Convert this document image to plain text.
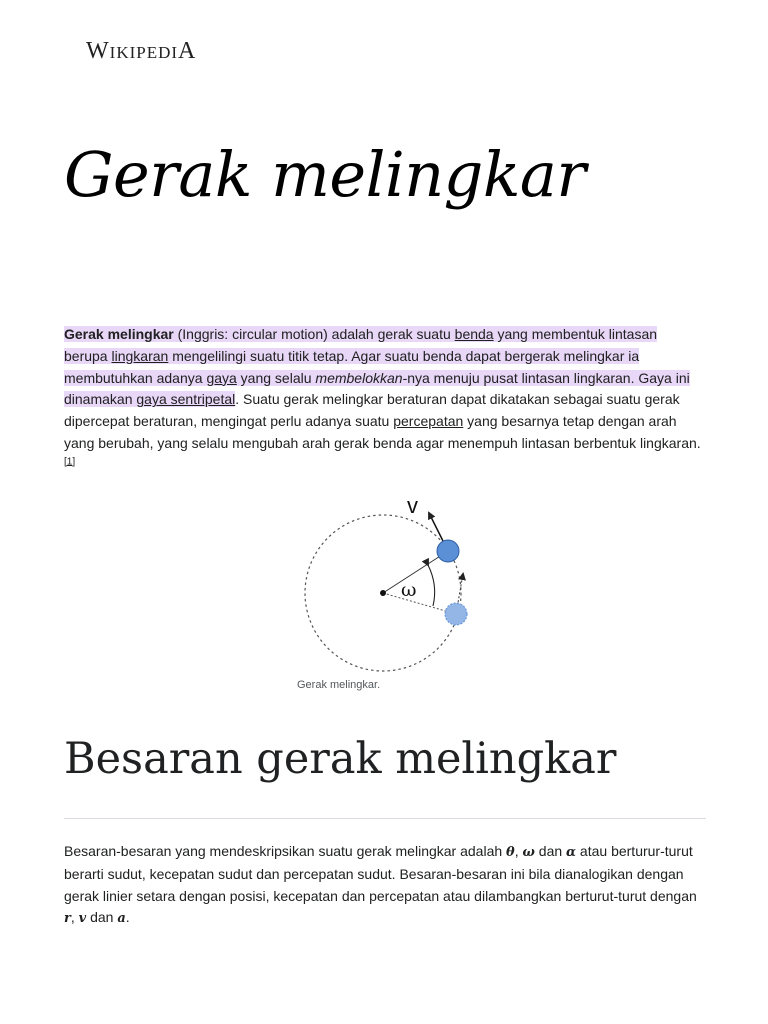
WIKIPEDIA
Gerak melingkar

Gerak melingkar (Inggris: circular motion) adalah gerak suatu benda yang membentuk lintasan berupa lingkaran mengelilingi suatu titik tetap. Agar suatu benda dapat bergerak melingkar ia membutuhkan adanya gaya yang selalu membelokkan-nya menuju pusat lintasan lingkaran. Gaya ini dinamakan gaya sentripetal. Suatu gerak melingkar beraturan dapat dikatakan sebagai suatu gerak dipercepat beraturan, mengingat perlu adanya suatu percepatan yang besarnya tetap dengan arah yang berubah, yang selalu mengubah arah gerak benda agar menempuh lintasan berbentuk lingkaran.[1]

v
ω
Gerak melingkar.
Besaran gerak melingkar

Besaran-besaran yang mendeskripsikan suatu gerak melingkar adalah θ, ω dan α atau berturur-turut berarti sudut, kecepatan sudut dan percepatan sudut. Besaran-besaran ini bila dianalogikan dengan gerak linier setara dengan posisi, kecepatan dan percepatan atau dilambangkan berturut-turut dengan r, v dan a.
